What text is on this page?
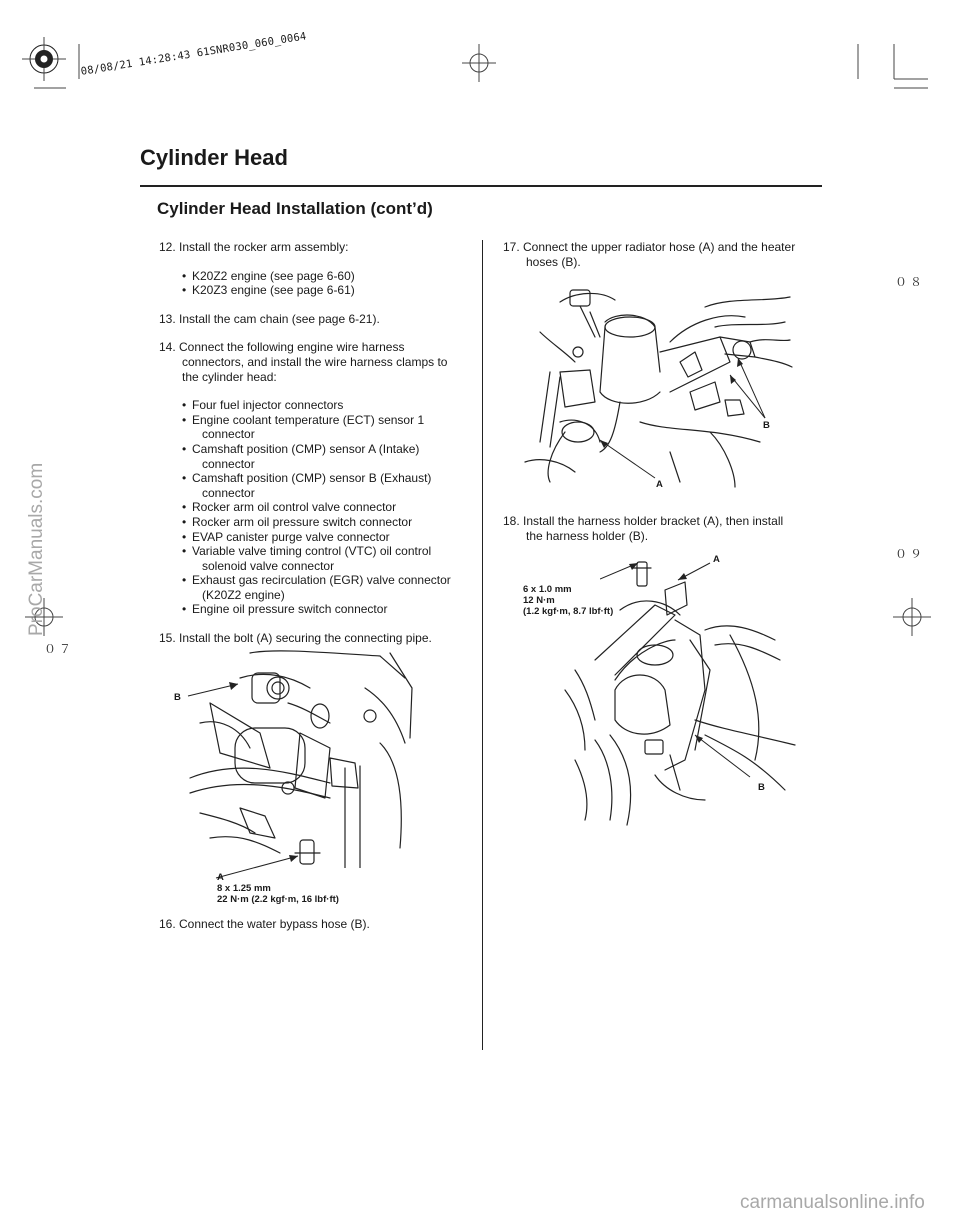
08/08/21 14:28:43 61SNR030_060_0064
Cylinder Head
Cylinder Head Installation (cont’d)
０８
０９
０７
ProCarManuals.com
carmanualsonline.info

12. Install the rocker arm assembly:

• K20Z2 engine (see page 6-60)
• K20Z3 engine (see page 6-61)

13. Install the cam chain (see page 6-21).

14. Connect the following engine wire harness

connectors, and install the wire harness clamps to

the cylinder head:

• Four fuel injector connectors
• Engine coolant temperature (ECT) sensor 1
connector
• Camshaft position (CMP) sensor A (Intake)
connector
• Camshaft position (CMP) sensor B (Exhaust)
connector
• Rocker arm oil control valve connector
• Rocker arm oil pressure switch connector
• EVAP canister purge valve connector
• Variable valve timing control (VTC) oil control
solenoid valve connector
• Exhaust gas recirculation (EGR) valve connector
(K20Z2 engine)
• Engine oil pressure switch connector

15. Install the bolt (A) securing the connecting pipe.

B
A
8 x 1.25 mm
22 N·m (2.2 kgf·m, 16 lbf·ft)

16. Connect the water bypass hose (B).

17. Connect the upper radiator hose (A) and the heater

hoses (B).

B
A

18. Install the harness holder bracket (A), then install

the harness holder (B).

A
6 x 1.0 mm
12 N·m
(1.2 kgf·m, 8.7 lbf·ft)
B
